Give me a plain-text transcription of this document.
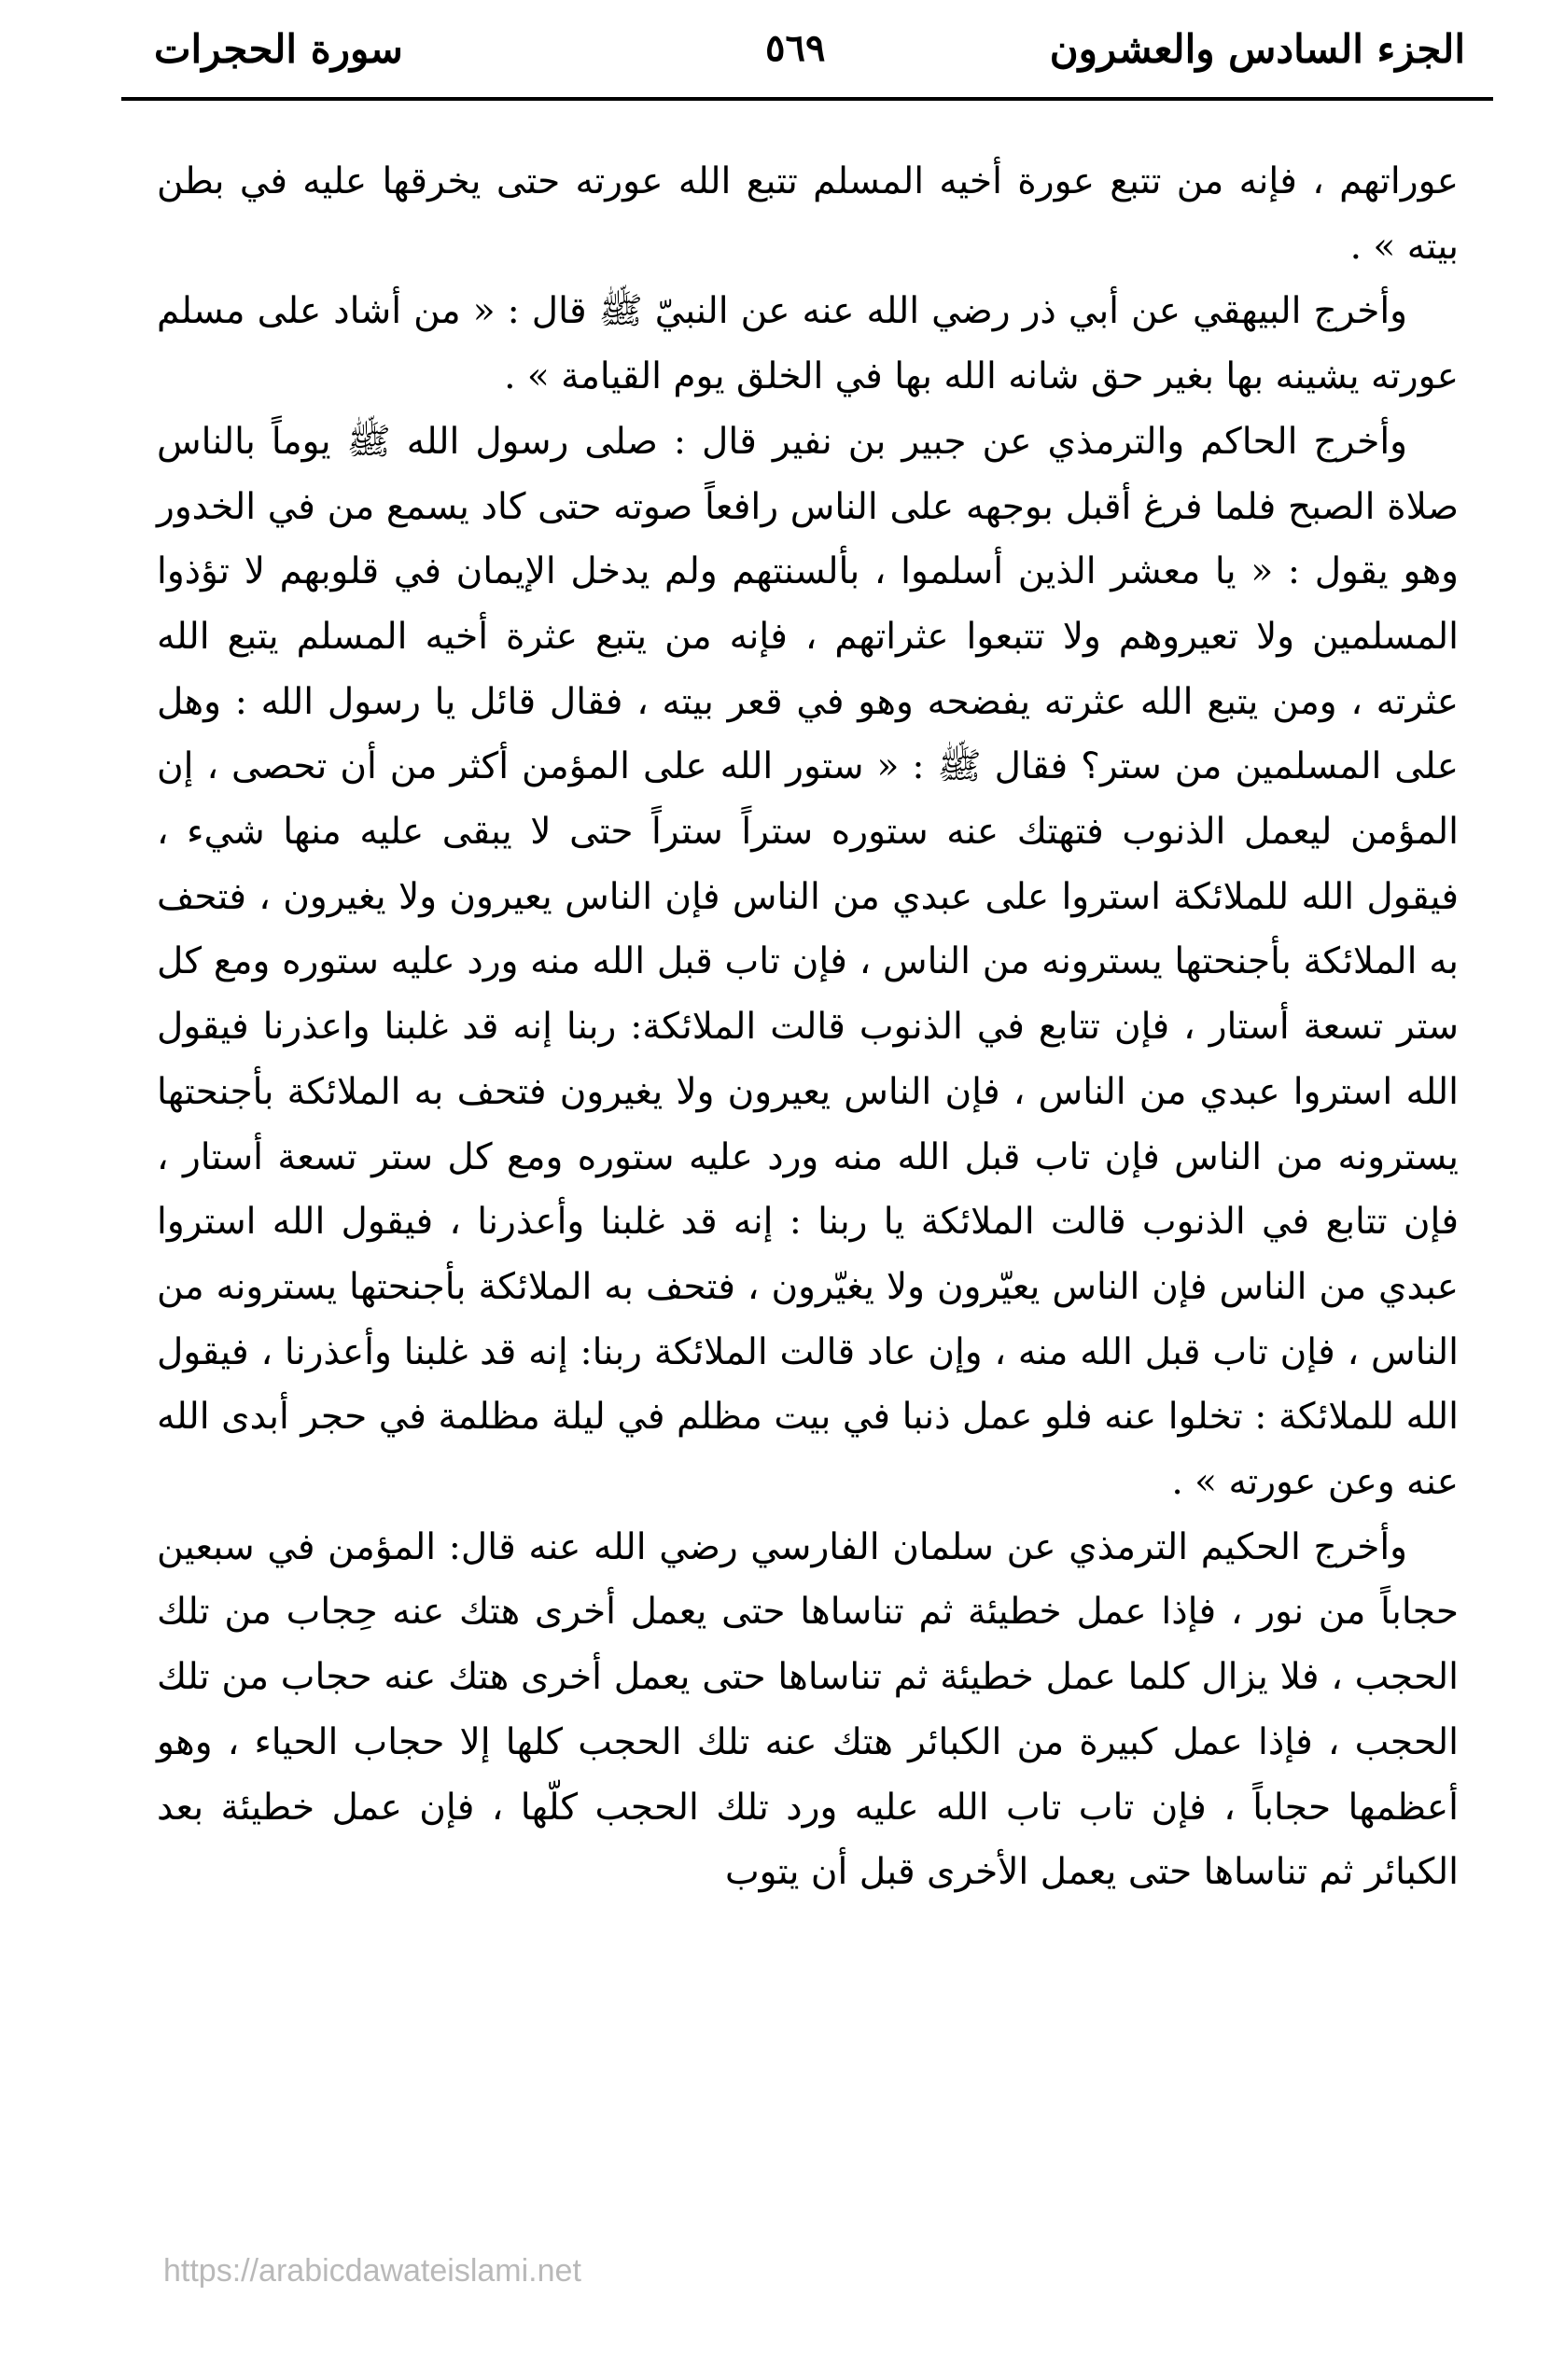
الجزء السادس والعشرون
٥٦٩
سورة الحجرات

عوراتهم ، فإنه من تتبع عورة أخيه المسلم تتبع الله عورته حتى يخرقها عليه في بطن بيته » .

وأخرج البيهقي عن أبي ذر رضي الله عنه عن النبيّ ﷺ قال : « من أشاد على مسلم عورته يشينه بها بغير حق شانه الله بها في الخلق يوم القيامة » .

وأخرج الحاكم والترمذي عن جبير بن نفير قال : صلى رسول الله ﷺ يوماً بالناس صلاة الصبح فلما فرغ أقبل بوجهه على الناس رافعاً صوته حتى كاد يسمع من في الخدور وهو يقول : « يا معشر الذين أسلموا ، بألسنتهم ولم يدخل الإيمان في قلوبهم لا تؤذوا المسلمين ولا تعيروهم ولا تتبعوا عثراتهم ، فإنه من يتبع عثرة أخيه المسلم يتبع الله عثرته ، ومن يتبع الله عثرته يفضحه وهو في قعر بيته ، فقال قائل يا رسول الله : وهل على المسلمين من ستر؟ فقال ﷺ : « ستور الله على المؤمن أكثر من أن تحصى ، إن المؤمن ليعمل الذنوب فتهتك عنه ستوره ستراً ستراً حتى لا يبقى عليه منها شيء ، فيقول الله للملائكة استروا على عبدي من الناس فإن الناس يعيرون ولا يغيرون ، فتحف به الملائكة بأجنحتها يسترونه من الناس ، فإن تاب قبل الله منه ورد عليه ستوره ومع كل ستر تسعة أستار ، فإن تتابع في الذنوب قالت الملائكة: ربنا إنه قد غلبنا واعذرنا فيقول الله استروا عبدي من الناس ، فإن الناس يعيرون ولا يغيرون فتحف به الملائكة بأجنحتها يسترونه من الناس فإن تاب قبل الله منه ورد عليه ستوره ومع كل ستر تسعة أستار ، فإن تتابع في الذنوب قالت الملائكة يا ربنا : إنه قد غلبنا وأعذرنا ، فيقول الله استروا عبدي من الناس فإن الناس يعيّرون ولا يغيّرون ، فتحف به الملائكة بأجنحتها يسترونه من الناس ، فإن تاب قبل الله منه ، وإن عاد قالت الملائكة ربنا: إنه قد غلبنا وأعذرنا ، فيقول الله للملائكة : تخلوا عنه فلو عمل ذنبا في بيت مظلم في ليلة مظلمة في حجر أبدى الله عنه وعن عورته » .

وأخرج الحكيم الترمذي عن سلمان الفارسي رضي الله عنه قال: المؤمن في سبعين حجاباً من نور ، فإذا عمل خطيئة ثم تناساها حتى يعمل أخرى هتك عنه حِجاب من تلك الحجب ، فلا يزال كلما عمل خطيئة ثم تناساها حتى يعمل أخرى هتك عنه حجاب من تلك الحجب ، فإذا عمل كبيرة من الكبائر هتك عنه تلك الحجب كلها إلا حجاب الحياء ، وهو أعظمها حجاباً ، فإن تاب تاب الله عليه ورد تلك الحجب كلّها ، فإن عمل خطيئة بعد الكبائر ثم تناساها حتى يعمل الأخرى قبل أن يتوب

https://arabicdawateislami.net
